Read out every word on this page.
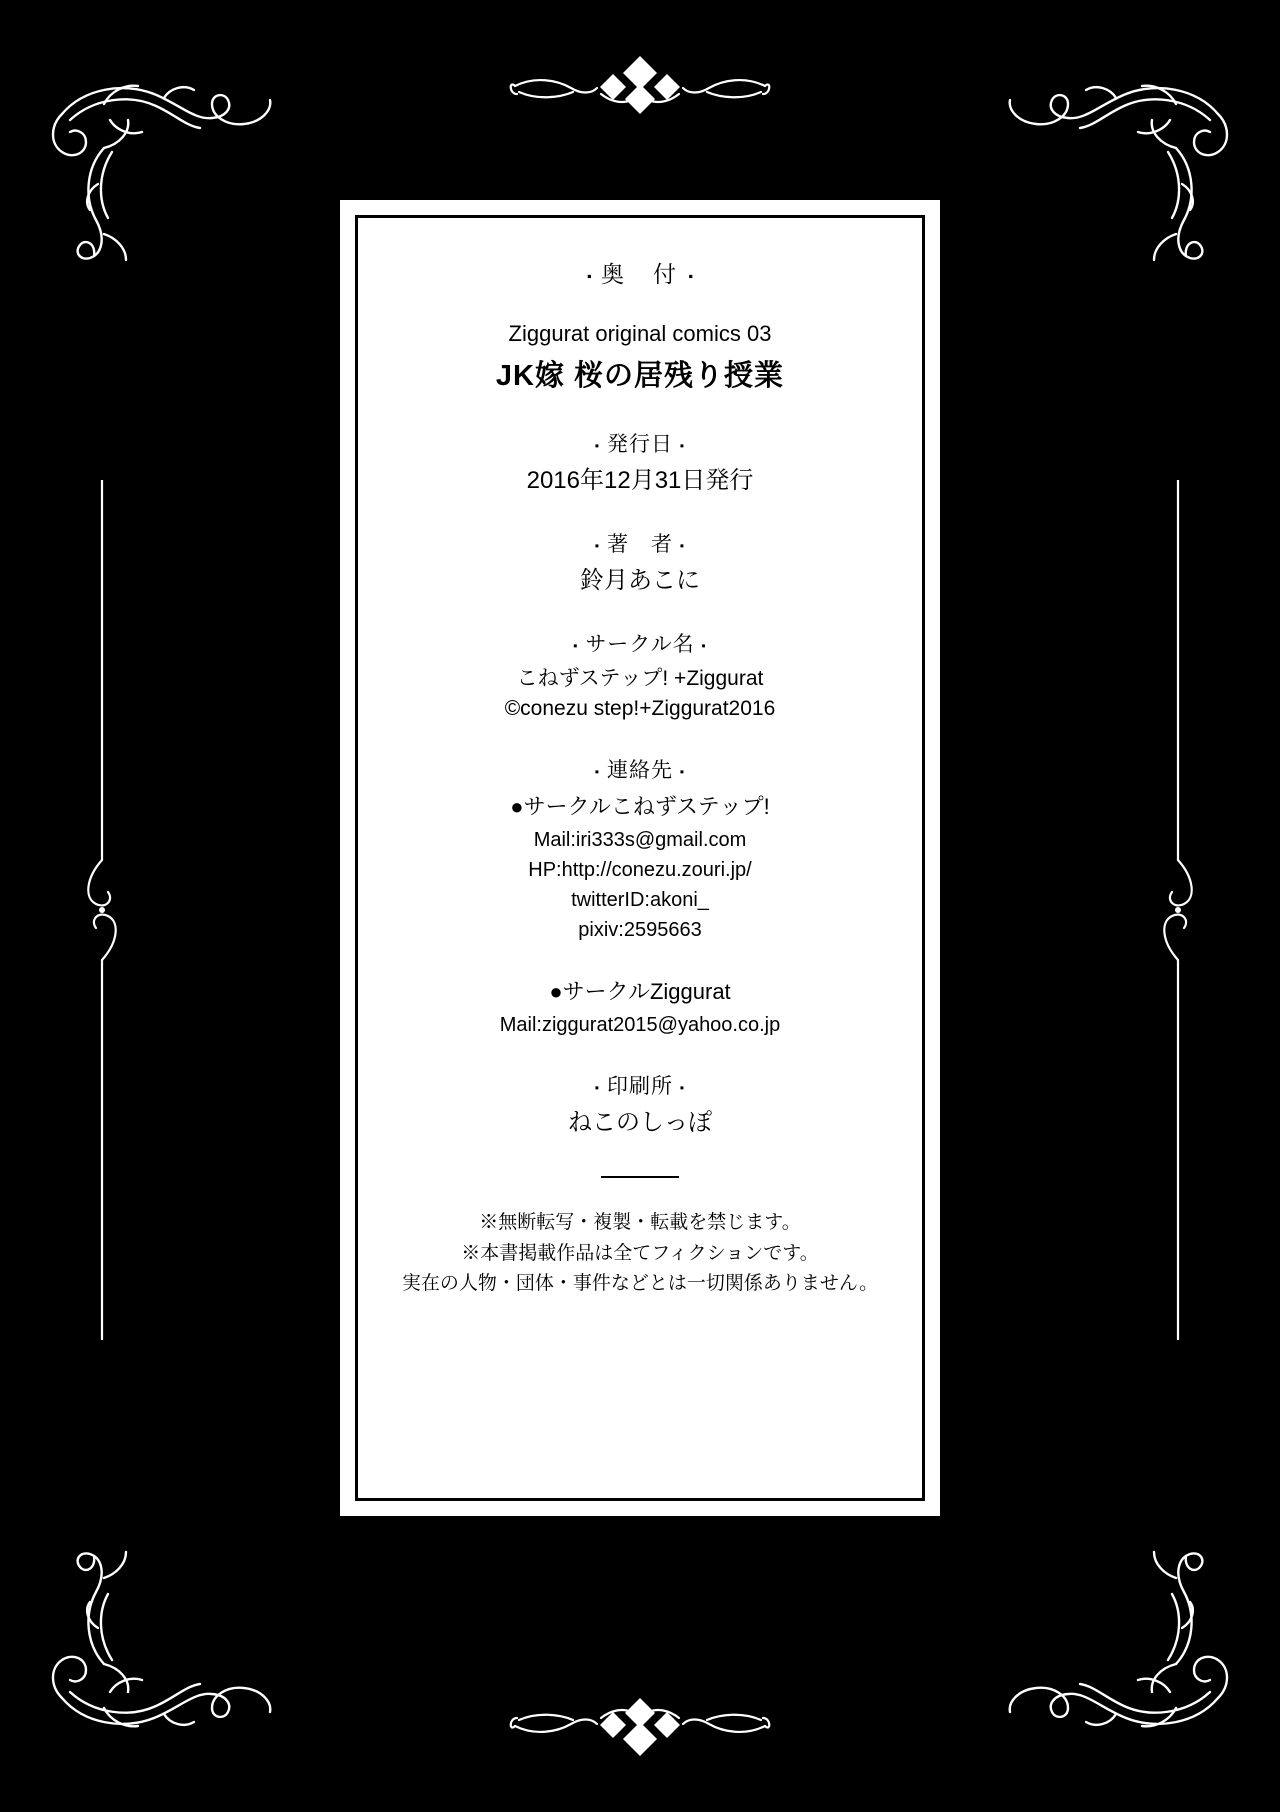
▪ 奥　付 ▪

Ziggurat original comics 03

JK嫁 桜の居残り授業

▪ 発行日 ▪

2016年12月31日発行

▪ 著　者 ▪

鈴月あこに

▪ サークル名 ▪

こねずステップ! +Ziggurat

©conezu step!+Ziggurat2016

▪ 連絡先 ▪

●サークルこねずステップ!

Mail:iri333s@gmail.com

HP:http://conezu.zouri.jp/

twitterID:akoni_

pixiv:2595663

●サークルZiggurat

Mail:ziggurat2015@yahoo.co.jp

▪ 印刷所 ▪

ねこのしっぽ

※無断転写・複製・転載を禁じます。

※本書掲載作品は全てフィクションです。

実在の人物・団体・事件などとは一切関係ありません。
